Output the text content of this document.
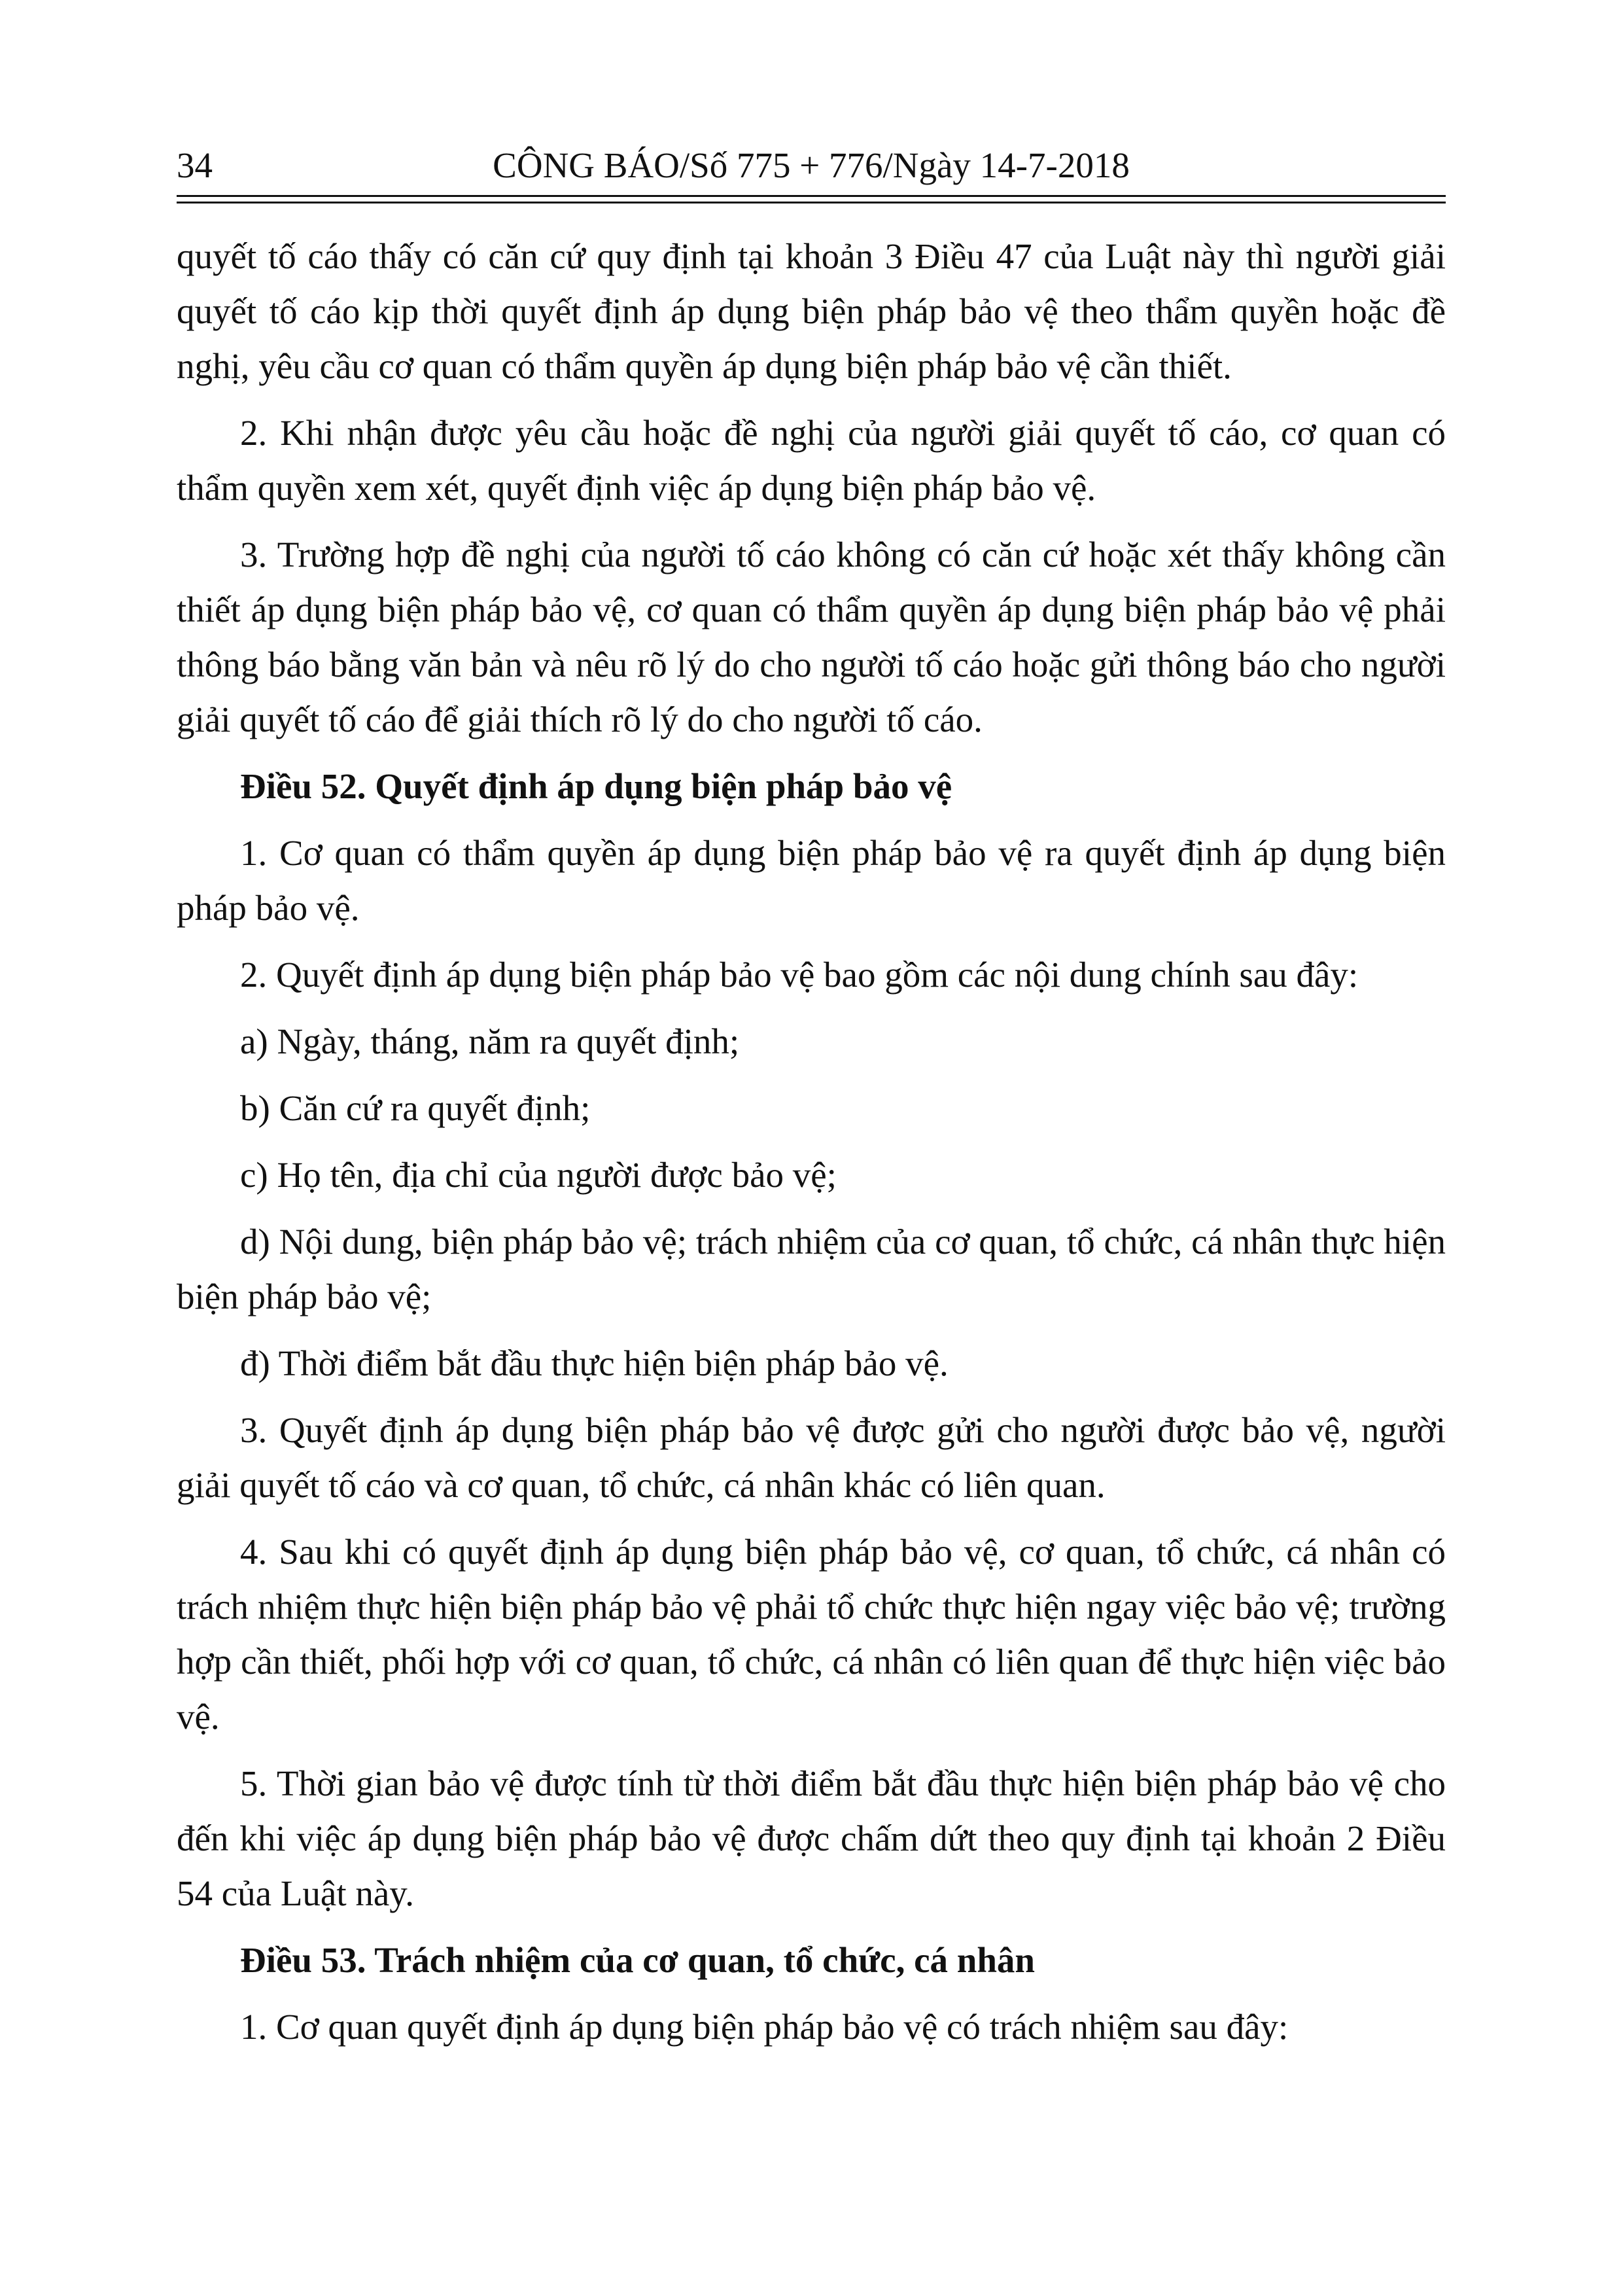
34	CÔNG BÁO/Số 775 + 776/Ngày 14-7-2018

quyết tố cáo thấy có căn cứ quy định tại khoản 3 Điều 47 của Luật này thì người giải quyết tố cáo kịp thời quyết định áp dụng biện pháp bảo vệ theo thẩm quyền hoặc đề nghị, yêu cầu cơ quan có thẩm quyền áp dụng biện pháp bảo vệ cần thiết.

2. Khi nhận được yêu cầu hoặc đề nghị của người giải quyết tố cáo, cơ quan có thẩm quyền xem xét, quyết định việc áp dụng biện pháp bảo vệ.

3. Trường hợp đề nghị của người tố cáo không có căn cứ hoặc xét thấy không cần thiết áp dụng biện pháp bảo vệ, cơ quan có thẩm quyền áp dụng biện pháp bảo vệ phải thông báo bằng văn bản và nêu rõ lý do cho người tố cáo hoặc gửi thông báo cho người giải quyết tố cáo để giải thích rõ lý do cho người tố cáo.

Điều 52. Quyết định áp dụng biện pháp bảo vệ

1. Cơ quan có thẩm quyền áp dụng biện pháp bảo vệ ra quyết định áp dụng biện pháp bảo vệ.

2. Quyết định áp dụng biện pháp bảo vệ bao gồm các nội dung chính sau đây:

a) Ngày, tháng, năm ra quyết định;

b) Căn cứ ra quyết định;

c) Họ tên, địa chỉ của người được bảo vệ;

d) Nội dung, biện pháp bảo vệ; trách nhiệm của cơ quan, tổ chức, cá nhân thực hiện biện pháp bảo vệ;

đ) Thời điểm bắt đầu thực hiện biện pháp bảo vệ.

3. Quyết định áp dụng biện pháp bảo vệ được gửi cho người được bảo vệ, người giải quyết tố cáo và cơ quan, tổ chức, cá nhân khác có liên quan.

4. Sau khi có quyết định áp dụng biện pháp bảo vệ, cơ quan, tổ chức, cá nhân có trách nhiệm thực hiện biện pháp bảo vệ phải tổ chức thực hiện ngay việc bảo vệ; trường hợp cần thiết, phối hợp với cơ quan, tổ chức, cá nhân có liên quan để thực hiện việc bảo vệ.

5. Thời gian bảo vệ được tính từ thời điểm bắt đầu thực hiện biện pháp bảo vệ cho đến khi việc áp dụng biện pháp bảo vệ được chấm dứt theo quy định tại khoản 2 Điều 54 của Luật này.

Điều 53. Trách nhiệm của cơ quan, tổ chức, cá nhân

1. Cơ quan quyết định áp dụng biện pháp bảo vệ có trách nhiệm sau đây:
